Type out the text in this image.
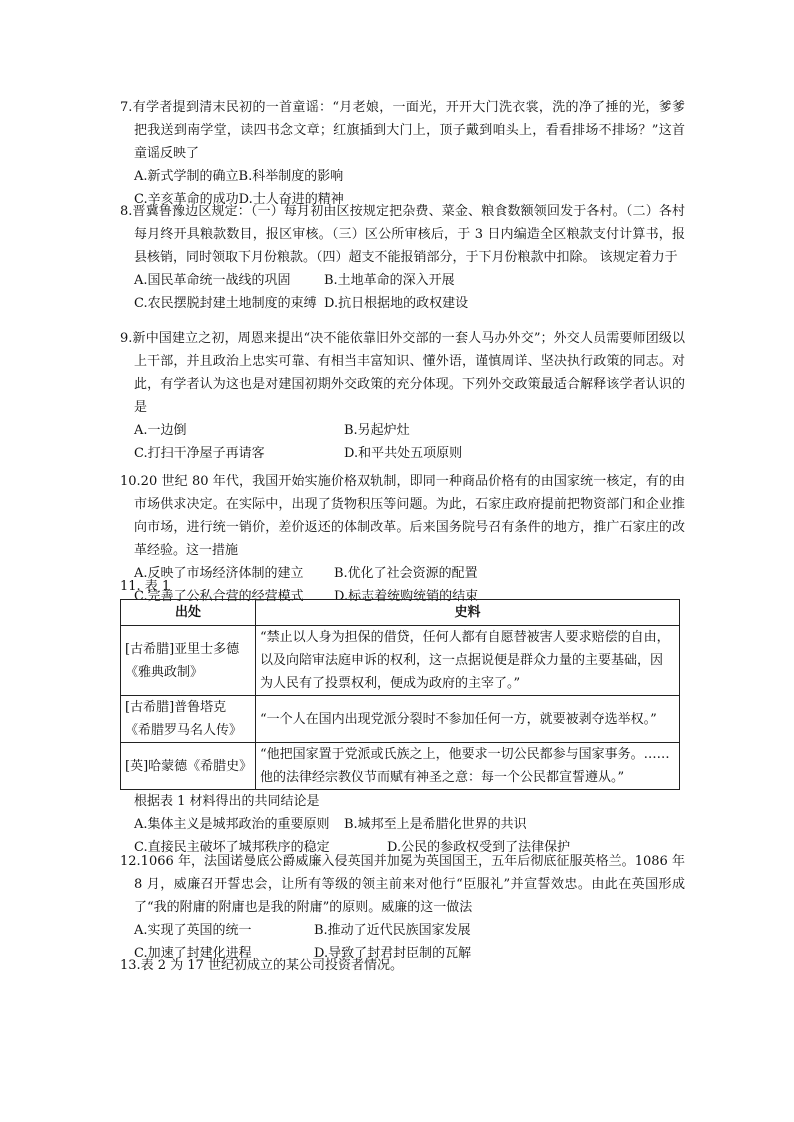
7.有学者提到清末民初的一首童谣：“月老娘，一面光，开开大门洗衣裳，洗的净了捶的光，爹爹把我送到南学堂，读四书念文章；红旗插到大门上，顶子戴到咱头上，看看排场不排场？”这首童谣反映了
A.新式学制的确立B.科举制度的影响
C.辛亥革命的成功D.士人奋进的精神
8.晋冀鲁豫边区规定：（一）每月初由区按规定把杂费、菜金、粮食数额领回发于各村。（二）各村每月终开具粮款数目，报区审核。（三）区公所审核后，于 3 日内编造全区粮款支付计算书，报县核销，同时领取下月份粮款。（四）超支不能报销部分，于下月份粮款中扣除。 该规定着力于
A.国民革命统一战线的巩固	B.土地革命的深入开展
C.农民摆脱封建土地制度的束缚 D.抗日根据地的政权建设
9.新中国建立之初，周恩来提出“决不能依靠旧外交部的一套人马办外交”；外交人员需要师团级以上干部，并且政治上忠实可靠、有相当丰富知识、懂外语，谨慎周详、坚决执行政策的同志。对此，有学者认为这也是对建国初期外交政策的充分体现。下列外交政策最适合解释该学者认识的是
A.一边倒	B.另起炉灶
C.打扫干净屋子再请客	D.和平共处五项原则
10.20 世纪 80 年代，我国开始实施价格双轨制，即同一种商品价格有的由国家统一核定，有的由市场供求决定。在实际中，出现了货物积压等问题。为此，石家庄政府提前把物资部门和企业推向市场，进行统一销价，差价返还的体制改革。后来国务院号召有条件的地方，推广石家庄的改革经验。这一措施
A.反映了市场经济体制的建立 B.优化了社会资源的配置
C.完善了公私合营的经营模式 D.标志着统购统销的结束
11. 表 1
出处	史料
[古希腊]亚里士多德《雅典政制》	“禁止以人身为担保的借贷，任何人都有自愿替被害人要求赔偿的自由，以及向陪审法庭申诉的权利，这一点据说便是群众力量的主要基础，因为人民有了投票权利，便成为政府的主宰了。”
[古希腊]普鲁塔克《希腊罗马名人传》	“一个人在国内出现党派分裂时不参加任何一方，就要被剥夺选举权。”
[英]哈蒙德《希腊史》	“他把国家置于党派或氏族之上，他要求一切公民都参与国家事务。……他的法律经宗教仪节而赋有神圣之意：每一个公民都宣誓遵从。”
根据表 1 材料得出的共同结论是
A.集体主义是城邦政治的重要原则 B.城邦至上是希腊化世界的共识
C.直接民主破坏了城邦秩序的稳定	D.公民的参政权受到了法律保护
12.1066 年，法国诺曼底公爵威廉入侵英国并加冕为英国国王，五年后彻底征服英格兰。1086 年 8 月，威廉召开誓忠会，让所有等级的领主前来对他行“臣服礼”并宣誓效忠。由此在英国形成了“我的附庸的附庸也是我的附庸”的原则。威廉的这一做法
A.实现了英国的统一	B.推动了近代民族国家发展
C.加速了封建化进程	D.导致了封君封臣制的瓦解
13.表 2 为 17 世纪初成立的某公司投资者情况。
